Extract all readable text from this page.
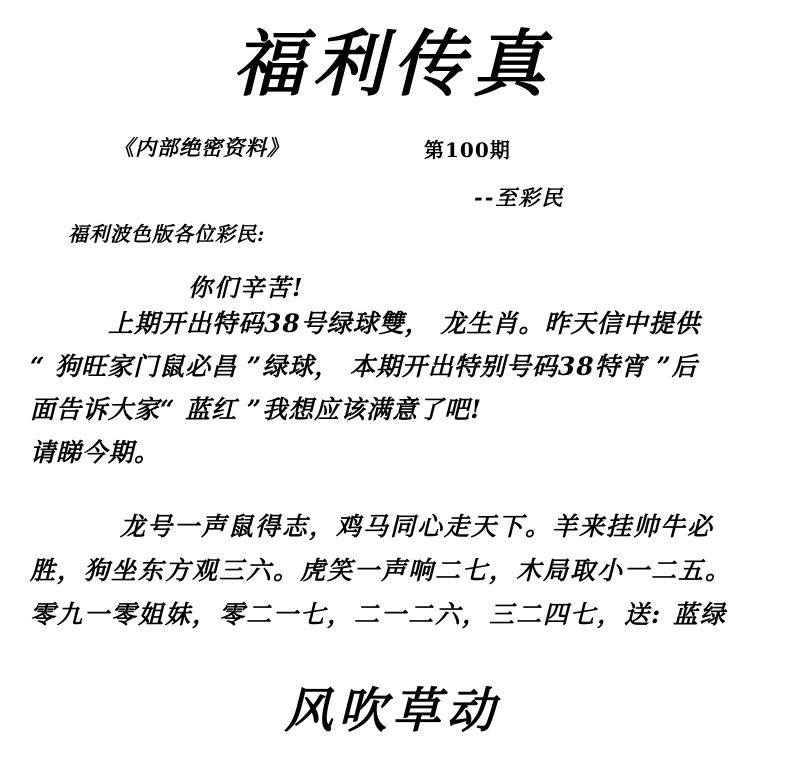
福利传真
《内部绝密资料》	第100期
--至彩民
福利波色版各位彩民:
你们辛苦!
上期开出特码38号绿球雙， 龙生肖。昨天信中提供
“ 狗旺家门鼠必昌 ”绿球， 本期开出特别号码38特宵 ”后
面告诉大家“ 蓝红 ”我想应该满意了吧!
请睇今期。
龙号一声鼠得志，鸡马同心走天下。羊来挂帅牛必
胜，狗坐东方观三六。虎笑一声响二七，木局取小一二五。
零九一零姐妹，零二一七，二一二六，三二四七，送: 蓝绿
风吹草动
